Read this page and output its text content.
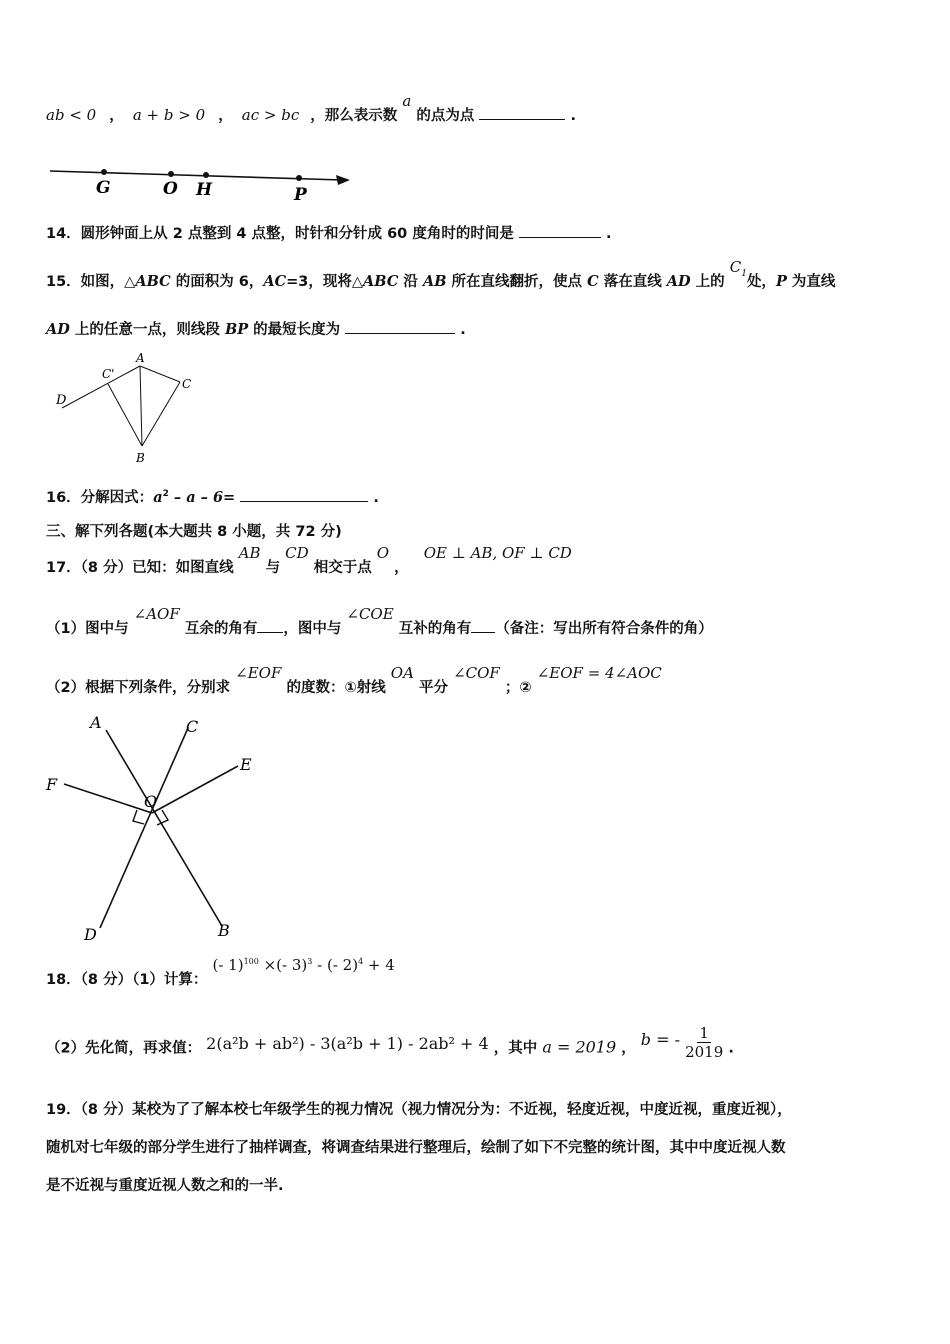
ab < 0 ， a + b > 0 ， ac > bc ，那么表示数 a 的点为点	.
G	O H	P
14．圆形钟面上从 2 点整到 4 点整，时针和分针成 60 度角时的时间是	.
15．如图，△ABC 的面积为 6，AC=3，现将△ABC 沿 AB 所在直线翻折，使点 C 落在直线 AD 上的 $C_1$处，P 为直线
AD 上的任意一点，则线段 BP 的最短长度为	.
D
C'
A
C
B
16．分解因式：$a^2 - a - 6=$	.
三、解下列各题(本大题共 8 小题，共 72 分)
17．（8 分）已知：如图直线 AB 与 CD 相交于点 O ， OE ⊥ AB, OF ⊥ CD
（1）图中与 ∠AOF 互余的角有 ，图中与 ∠COE 互补的角有 （备注：写出所有符合条件的角）
（2）根据下列条件，分别求 ∠EOF 的度数：①射线 OA 平分 ∠COF ；② ∠EOF = 4∠AOC
A	C
E
F
O
D	B
18．（8 分）（1）计算： (- 1)$^{100}$ ×(- 3)$^3$ - (- 2)$^4$ + 4
（2）先化简，再求值： 2(a²b + ab²) - 3(a²b + 1) - 2ab² + 4 ，其中 a = 2019 ， b = - $\frac{1}{2019}$ .
19．（8 分）某校为了了解本校七年级学生的视力情况（视力情况分为：不近视，轻度近视，中度近视，重度近视），
随机对七年级的部分学生进行了抽样调查，将调查结果进行整理后，绘制了如下不完整的统计图，其中中度近视人数
是不近视与重度近视人数之和的一半.
